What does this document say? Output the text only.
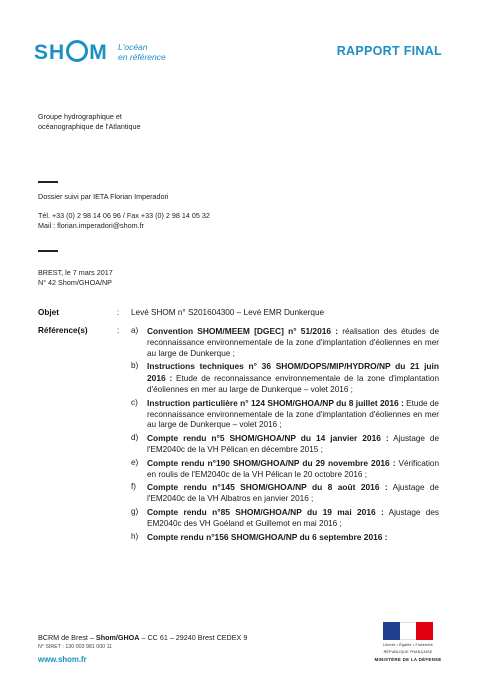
SH M	L'océan
en référence	RAPPORT FINAL
Groupe hydrographique et
océanographique de l'Atlantique
Dossier suivi par IETA Florian Imperadori
Tél. +33 (0) 2 98 14 06 96 / Fax +33 (0) 2 98 14 05 32
Mail : florian.imperadori@shom.fr
BREST, le 7 mars 2017
N° 42 Shom/GHOA/NP
Objet	: Levé SHOM n° S201604300 – Levé EMR Dunkerque
Référence(s)	: a)	Convention SHOM/MEEM [DGEC] n° 51/2016 : réalisation des études de reconnaissance environnementale de la zone d'implantation d'éoliennes en mer au large de Dunkerque ;
b)	Instructions techniques n° 36 SHOM/DOPS/MIP/HYDRO/NP du 21 juin 2016 : Etude de reconnaissance environnementale de la zone d'implantation d'éoliennes en mer au large de Dunkerque – volet 2016 ;
c)	Instruction particulière n° 124 SHOM/GHOA/NP du 8 juillet 2016 : Etude de reconnaissance environnementale de la zone d'implantation d'éoliennes en mer au large de Dunkerque – volet 2016 ;
d)	Compte rendu n°5 SHOM/GHOA/NP du 14 janvier 2016 : Ajustage de l'EM2040c de la VH Pélican en décembre 2015 ;
e)	Compte rendu n°190 SHOM/GHOA/NP du 29 novembre 2016 : Vérification en roulis de l'EM2040c de la VH Pélican le 20 octobre 2016 ;
f)	Compte rendu n°145 SHOM/GHOA/NP du 8 août 2016 : Ajustage de l'EM2040c de la VH Albatros en janvier 2016 ;
g)	Compte rendu n°85 SHOM/GHOA/NP du 19 mai 2016 : Ajustage des EM2040c des VH Goéland et Guillemot en mai 2016 ;
h)	Compte rendu n°156 SHOM/GHOA/NP du 6 septembre 2016 :
BCRM de Brest – Shom/GHOA – CC 61 – 29240 Brest CEDEX 9
N° SIRET : 130 003 981 000 11
www.shom.fr
Liberté • Égalité • Fraternité
RÉPUBLIQUE FRANÇAISE
MINISTÈRE DE LA DÉFENSE
